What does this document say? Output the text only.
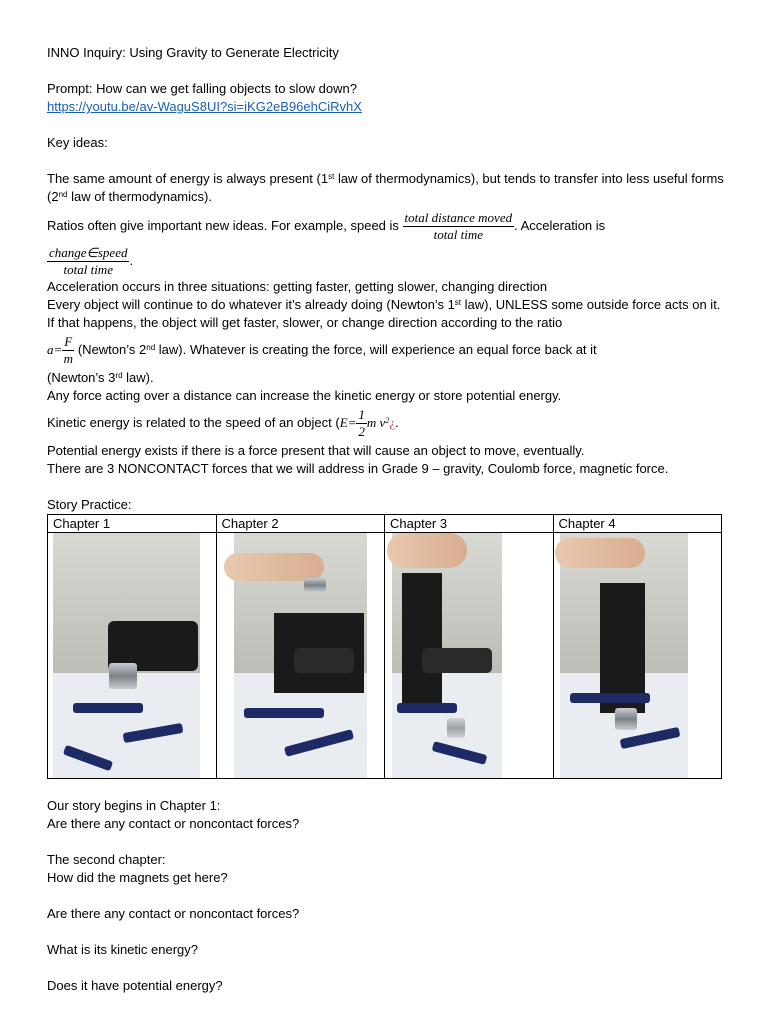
INNO Inquiry: Using Gravity to Generate Electricity
Prompt: How can we get falling objects to slow down?
https://youtu.be/av-WaguS8UI?si=iKG2eB96ehCiRvhX
Key ideas:
The same amount of energy is always present (1st law of thermodynamics), but tends to transfer into less useful forms (2nd law of thermodynamics).
Ratios often give important new ideas. For example, speed is $\frac{\text{total distance moved}}{\text{total time}}$ . Acceleration is
$\frac{\text{change∈speed}}{\text{total time}}$ .
Acceleration occurs in three situations: getting faster, getting slower, changing direction
Every object will continue to do whatever it’s already doing (Newton’s 1st law), UNLESS some outside force acts on it. If that happens, the object will get faster, slower, or change direction according to the ratio
$a= \frac{F}{m}$ (Newton’s 2nd law). Whatever is creating the force, will experience an equal force back at it
(Newton’s 3rd law).
Any force acting over a distance can increase the kinetic energy or store potential energy.
Kinetic energy is related to the speed of an object ($E= \frac{1}{2}$ m $v^2¿$.
Potential energy exists if there is a force present that will cause an object to move, eventually.
There are 3 NONCONTACT forces that we will address in Grade 9 – gravity, Coulomb force, magnetic force.
Story Practice:
Chapter 1	Chapter 2	Chapter 3	Chapter 4

Our story begins in Chapter 1:
Are there any contact or noncontact forces?
The second chapter:
How did the magnets get here?
Are there any contact or noncontact forces?
What is its kinetic energy?
Does it have potential energy?
